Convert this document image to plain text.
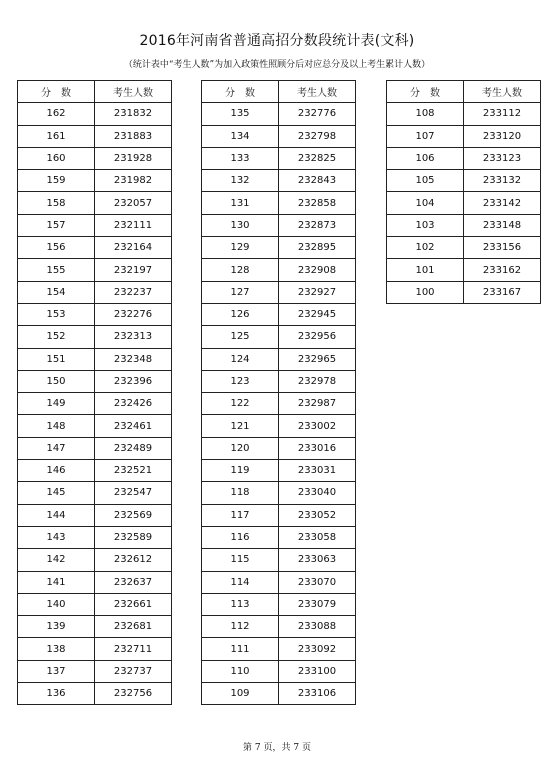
2016年河南省普通高招分数段统计表(文科)
（统计表中“考生人数”为加入政策性照顾分后对应总分及以上考生累计人数）
分　数	考生人数
162	231832
161	231883
160	231928
159	231982
158	232057
157	232111
156	232164
155	232197
154	232237
153	232276
152	232313
151	232348
150	232396
149	232426
148	232461
147	232489
146	232521
145	232547
144	232569
143	232589
142	232612
141	232637
140	232661
139	232681
138	232711
137	232737
136	232756
分　数	考生人数
135	232776
134	232798
133	232825
132	232843
131	232858
130	232873
129	232895
128	232908
127	232927
126	232945
125	232956
124	232965
123	232978
122	232987
121	233002
120	233016
119	233031
118	233040
117	233052
116	233058
115	233063
114	233070
113	233079
112	233088
111	233092
110	233100
109	233106
分　数	考生人数
108	233112
107	233120
106	233123
105	233132
104	233142
103	233148
102	233156
101	233162
100	233167
第 7 页，共 7 页
